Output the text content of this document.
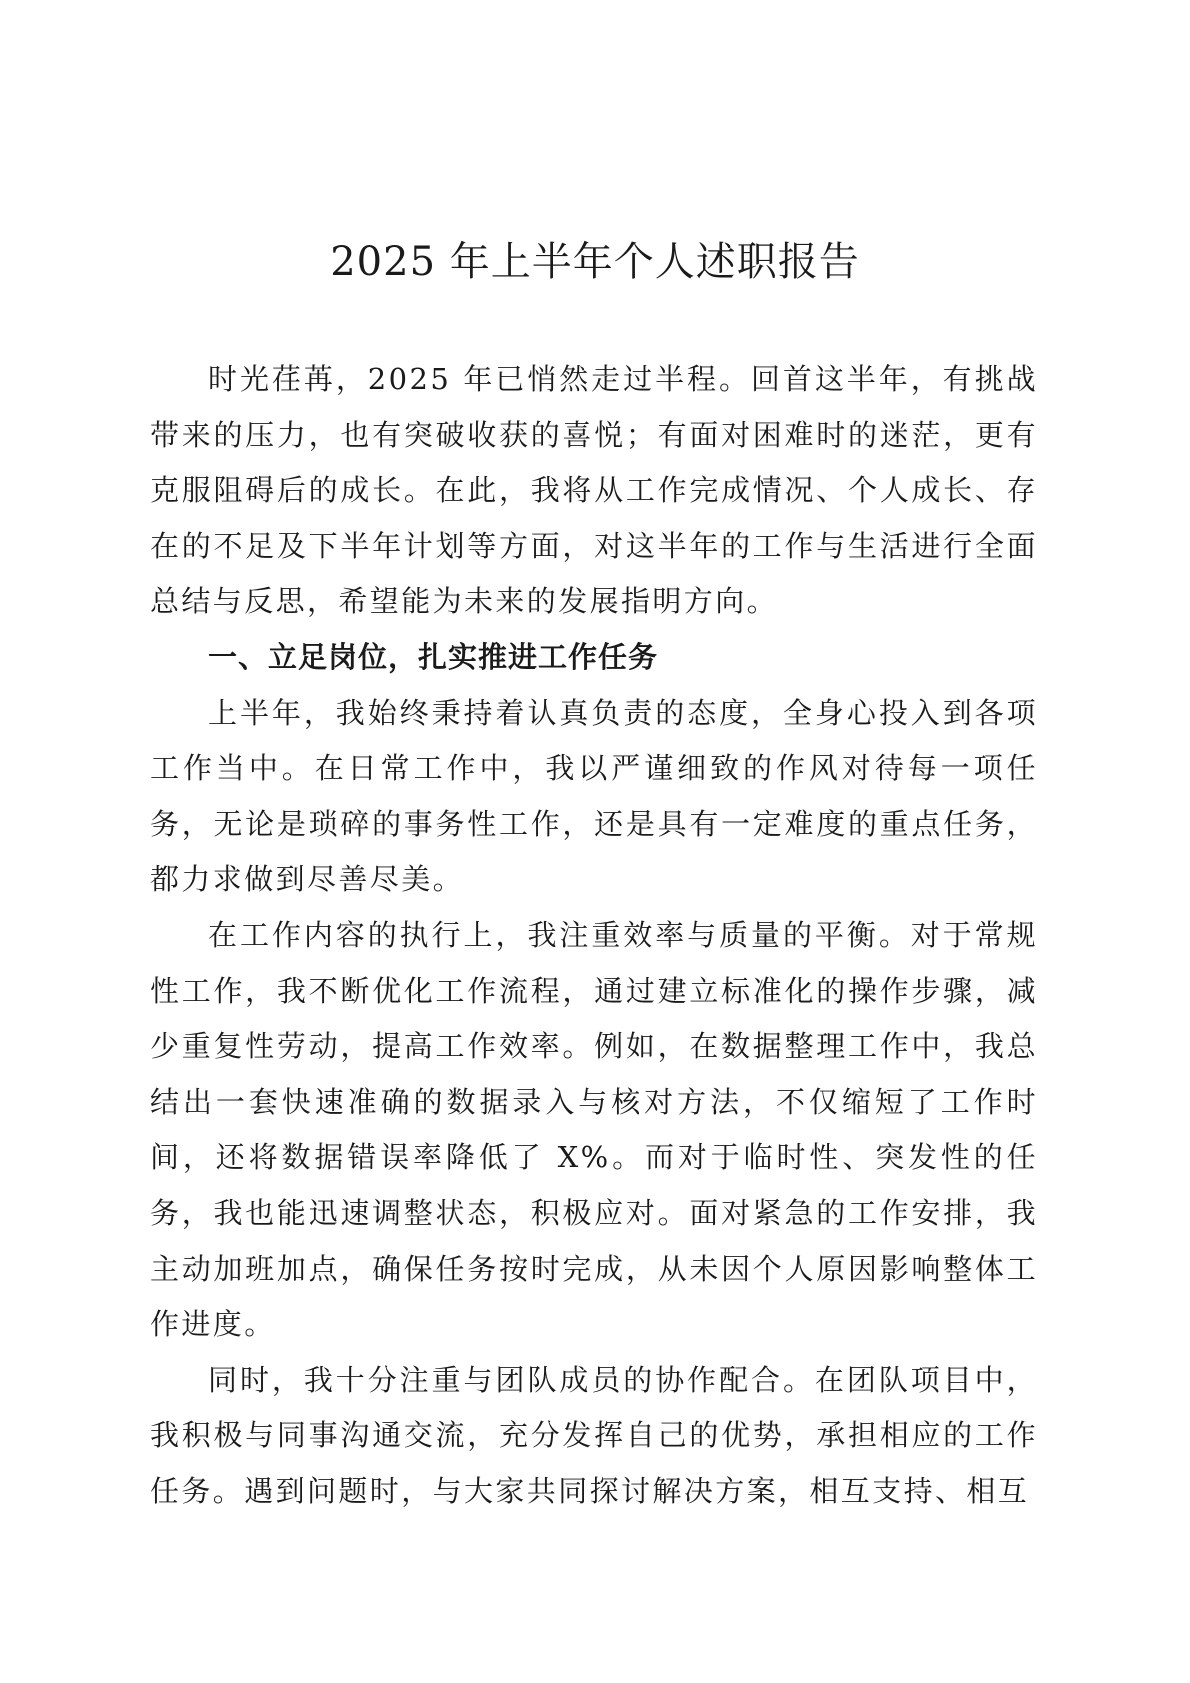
2025 年上半年个人述职报告

时光荏苒，2025 年已悄然走过半程。回首这半年，有挑战带来的压力，也有突破收获的喜悦；有面对困难时的迷茫，更有克服阻碍后的成长。在此，我将从工作完成情况、个人成长、存在的不足及下半年计划等方面，对这半年的工作与生活进行全面总结与反思，希望能为未来的发展指明方向。

一、立足岗位，扎实推进工作任务

上半年，我始终秉持着认真负责的态度，全身心投入到各项工作当中。在日常工作中，我以严谨细致的作风对待每一项任务，无论是琐碎的事务性工作，还是具有一定难度的重点任务，都力求做到尽善尽美。

在工作内容的执行上，我注重效率与质量的平衡。对于常规性工作，我不断优化工作流程，通过建立标准化的操作步骤，减少重复性劳动，提高工作效率。例如，在数据整理工作中，我总结出一套快速准确的数据录入与核对方法，不仅缩短了工作时间，还将数据错误率降低了 X%。而对于临时性、突发性的任务，我也能迅速调整状态，积极应对。面对紧急的工作安排，我主动加班加点，确保任务按时完成，从未因个人原因影响整体工作进度。

同时，我十分注重与团队成员的协作配合。在团队项目中，我积极与同事沟通交流，充分发挥自己的优势，承担相应的工作任务。遇到问题时，与大家共同探讨解决方案，相互支持、相互
